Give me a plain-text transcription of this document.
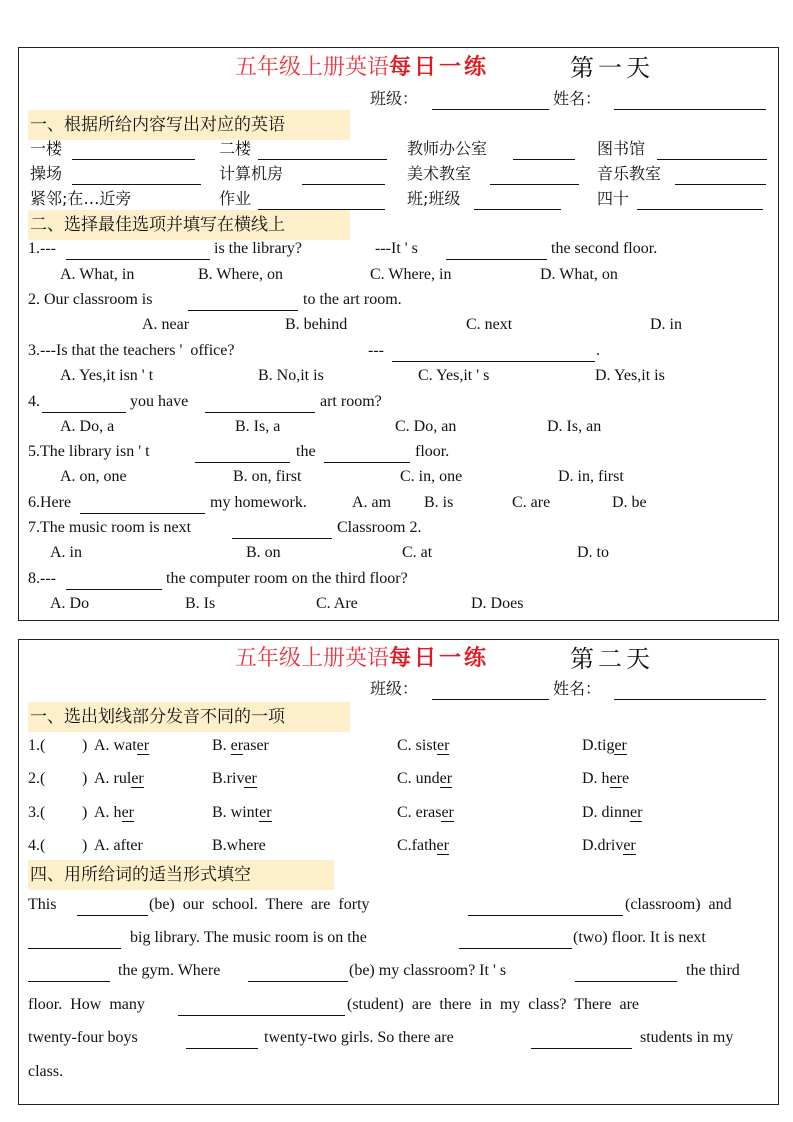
五年级上册英语每日一练	第一天
班级：	姓名：
一、根据所给内容写出对应的英语
一楼	二楼	教师办公室	图书馆
操场	计算机房	美术教室	音乐教室
紧邻;在…近旁	作业	班;班级	四十
二、选择最佳选项并填写在横线上
1.---	is the library?	---It ' s	the second floor.
A. What, in	B. Where, on	C. Where, in	D. What, on
2. Our classroom is	to the art room.
A. near	B. behind	C. next	D. in
3.---Is that the teachers '  office?	---	.
A. Yes,it isn ' t	B. No,it is	C. Yes,it ' s	D. Yes,it is
4.	you have	art room?
A. Do, a	B. Is, a	C. Do, an	D. Is, an
5.The library isn ' t	the	floor.
A. on, one	B. on, first	C. in, one	D. in, first
6.Here	my homework.	A. am B. is	C. are	D. be
7.The music room is next	Classroom 2.
A. in	B. on	C. at	D. to
8.---	the computer room on the third floor?
A. Do	B. Is	C. Are	D. Does
五年级上册英语每日一练	第二天
班级：	姓名：
一、选出划线部分发音不同的一项
1.( ) A. water	B. eraser	C. sister	D.tiger
2.( ) A. ruler	B.river	C. under	D. here
3.( ) A. her	B. winter	C. eraser	D. dinner
4.( ) A. after	B.where	C.father	D.driver
四、用所给词的适当形式填空
This	(be)  our  school.  There  are  forty	(classroom)  and
big library. The music room is on the	(two) floor. It is next
the gym. Where	(be) my classroom? It ' s	the third
floor.  How  many	(student)  are  there  in  my  class?  There  are
twenty-four boys	twenty-two girls. So there are	students in my
class.
